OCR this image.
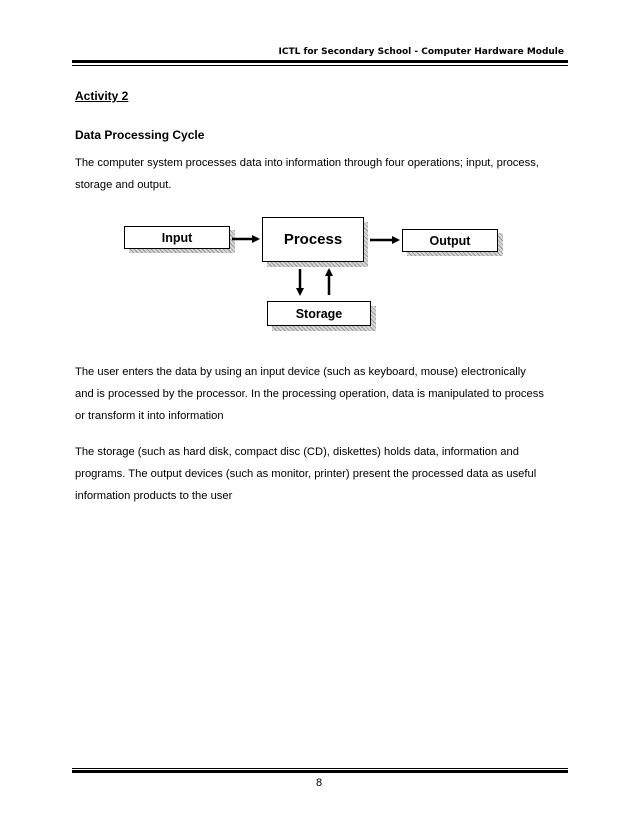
ICTL for Secondary School - Computer Hardware Module
Activity 2
Data Processing Cycle
The computer system processes data into information through four operations; input, process,
storage and output.
Input	Process	Output
Storage
The user enters the data by using an input device (such as keyboard, mouse) electronically
and is processed by the processor. In the processing operation, data is manipulated to process
or transform it into information
The storage (such as hard disk, compact disc (CD), diskettes) holds data, information and
programs. The output devices (such as monitor, printer) present the processed data as useful
information products to the user
8
